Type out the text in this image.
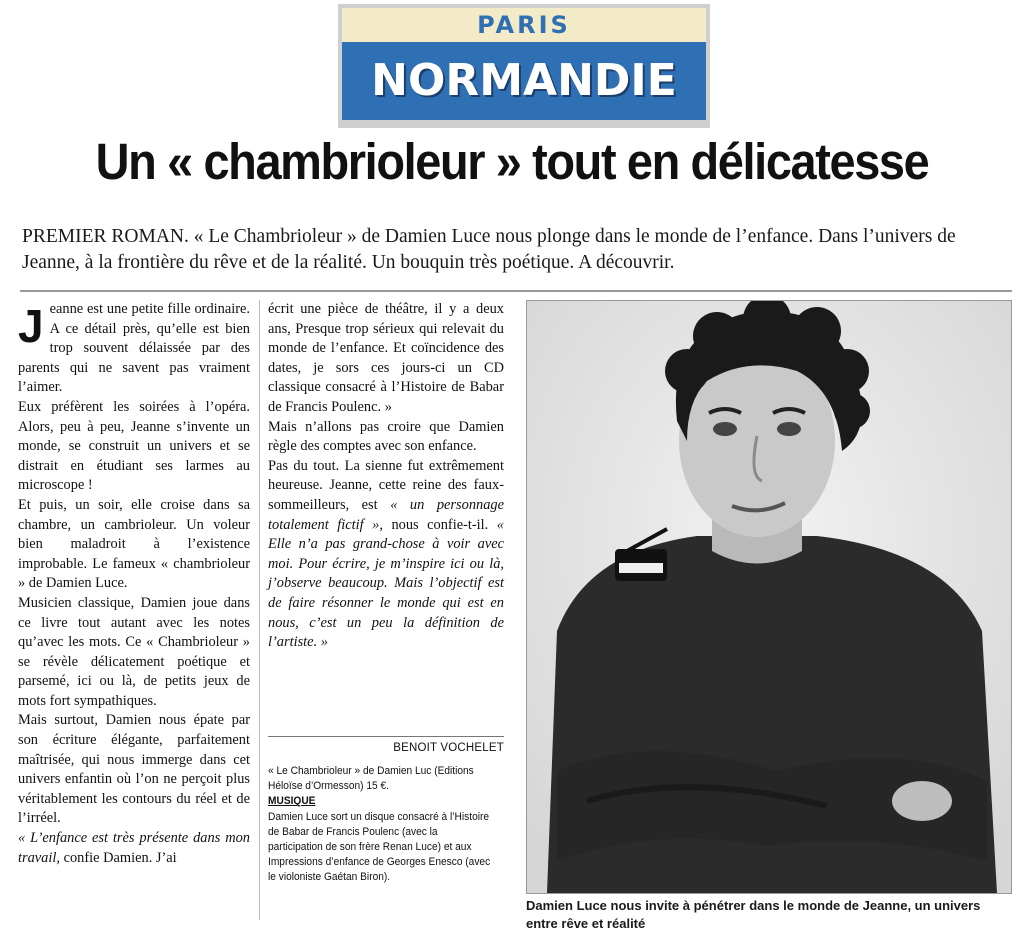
PARIS
NORMANDIE
Un « chambrioleur » tout en délicatesse

PREMIER ROMAN. « Le Chambrioleur » de Damien Luce nous plonge dans le monde de l’enfance. Dans l’univers de Jeanne, à la frontière du rêve et de la réalité. Un bouquin très poétique. A découvrir.

Jeanne est une petite fille ordinaire. A ce détail près, qu’elle est bien trop souvent délaissée par des parents qui ne savent pas vraiment l’aimer.

Eux préfèrent les soirées à l’opéra. Alors, peu à peu, Jeanne s’invente un monde, se construit un univers et se distrait en étudiant ses larmes au microscope !

Et puis, un soir, elle croise dans sa chambre, un cambrioleur. Un voleur bien maladroit à l’existence improbable. Le fameux « chambrioleur » de Damien Luce.

Musicien classique, Damien joue dans ce livre tout autant avec les notes qu’avec les mots. Ce « Chambrioleur » se révèle délicatement poétique et parsemé, ici ou là, de petits jeux de mots fort sympathiques.

Mais surtout, Damien nous épate par son écriture élégante, parfaitement maîtrisée, qui nous immerge dans cet univers enfantin où l’on ne perçoit plus véritablement les contours du réel et de l’irréel.

« L’enfance est très présente dans mon travail, confie Damien. J’ai

écrit une pièce de théâtre, il y a deux ans, Presque trop sérieux qui relevait du monde de l’enfance. Et coïncidence des dates, je sors ces jours-ci un CD classique consacré à l’Histoire de Babar de Francis Poulenc. »

Mais n’allons pas croire que Damien règle des comptes avec son enfance.

Pas du tout. La sienne fut extrêmement heureuse. Jeanne, cette reine des faux-sommeilleurs, est « un personnage totalement fictif », nous confie-t-il. « Elle n’a pas grand-chose à voir avec moi. Pour écrire, je m’inspire ici ou là, j’observe beaucoup. Mais l’objectif est de faire résonner le monde qui est en nous, c’est un peu la définition de l’artiste. »

BENOIT VOCHELET

« Le Chambrioleur » de Damien Luc (Editions Héloïse d’Ormesson) 15 €.

MUSIQUE

Damien Luce sort un disque consacré à l’Histoire de Babar de Francis Poulenc (avec la participation de son frère Renan Luce) et aux Impressions d’enfance de Georges Enesco (avec le violoniste Gaétan Biron).

Damien Luce nous invite à pénétrer dans le monde de Jeanne, un univers entre rêve et réalité
